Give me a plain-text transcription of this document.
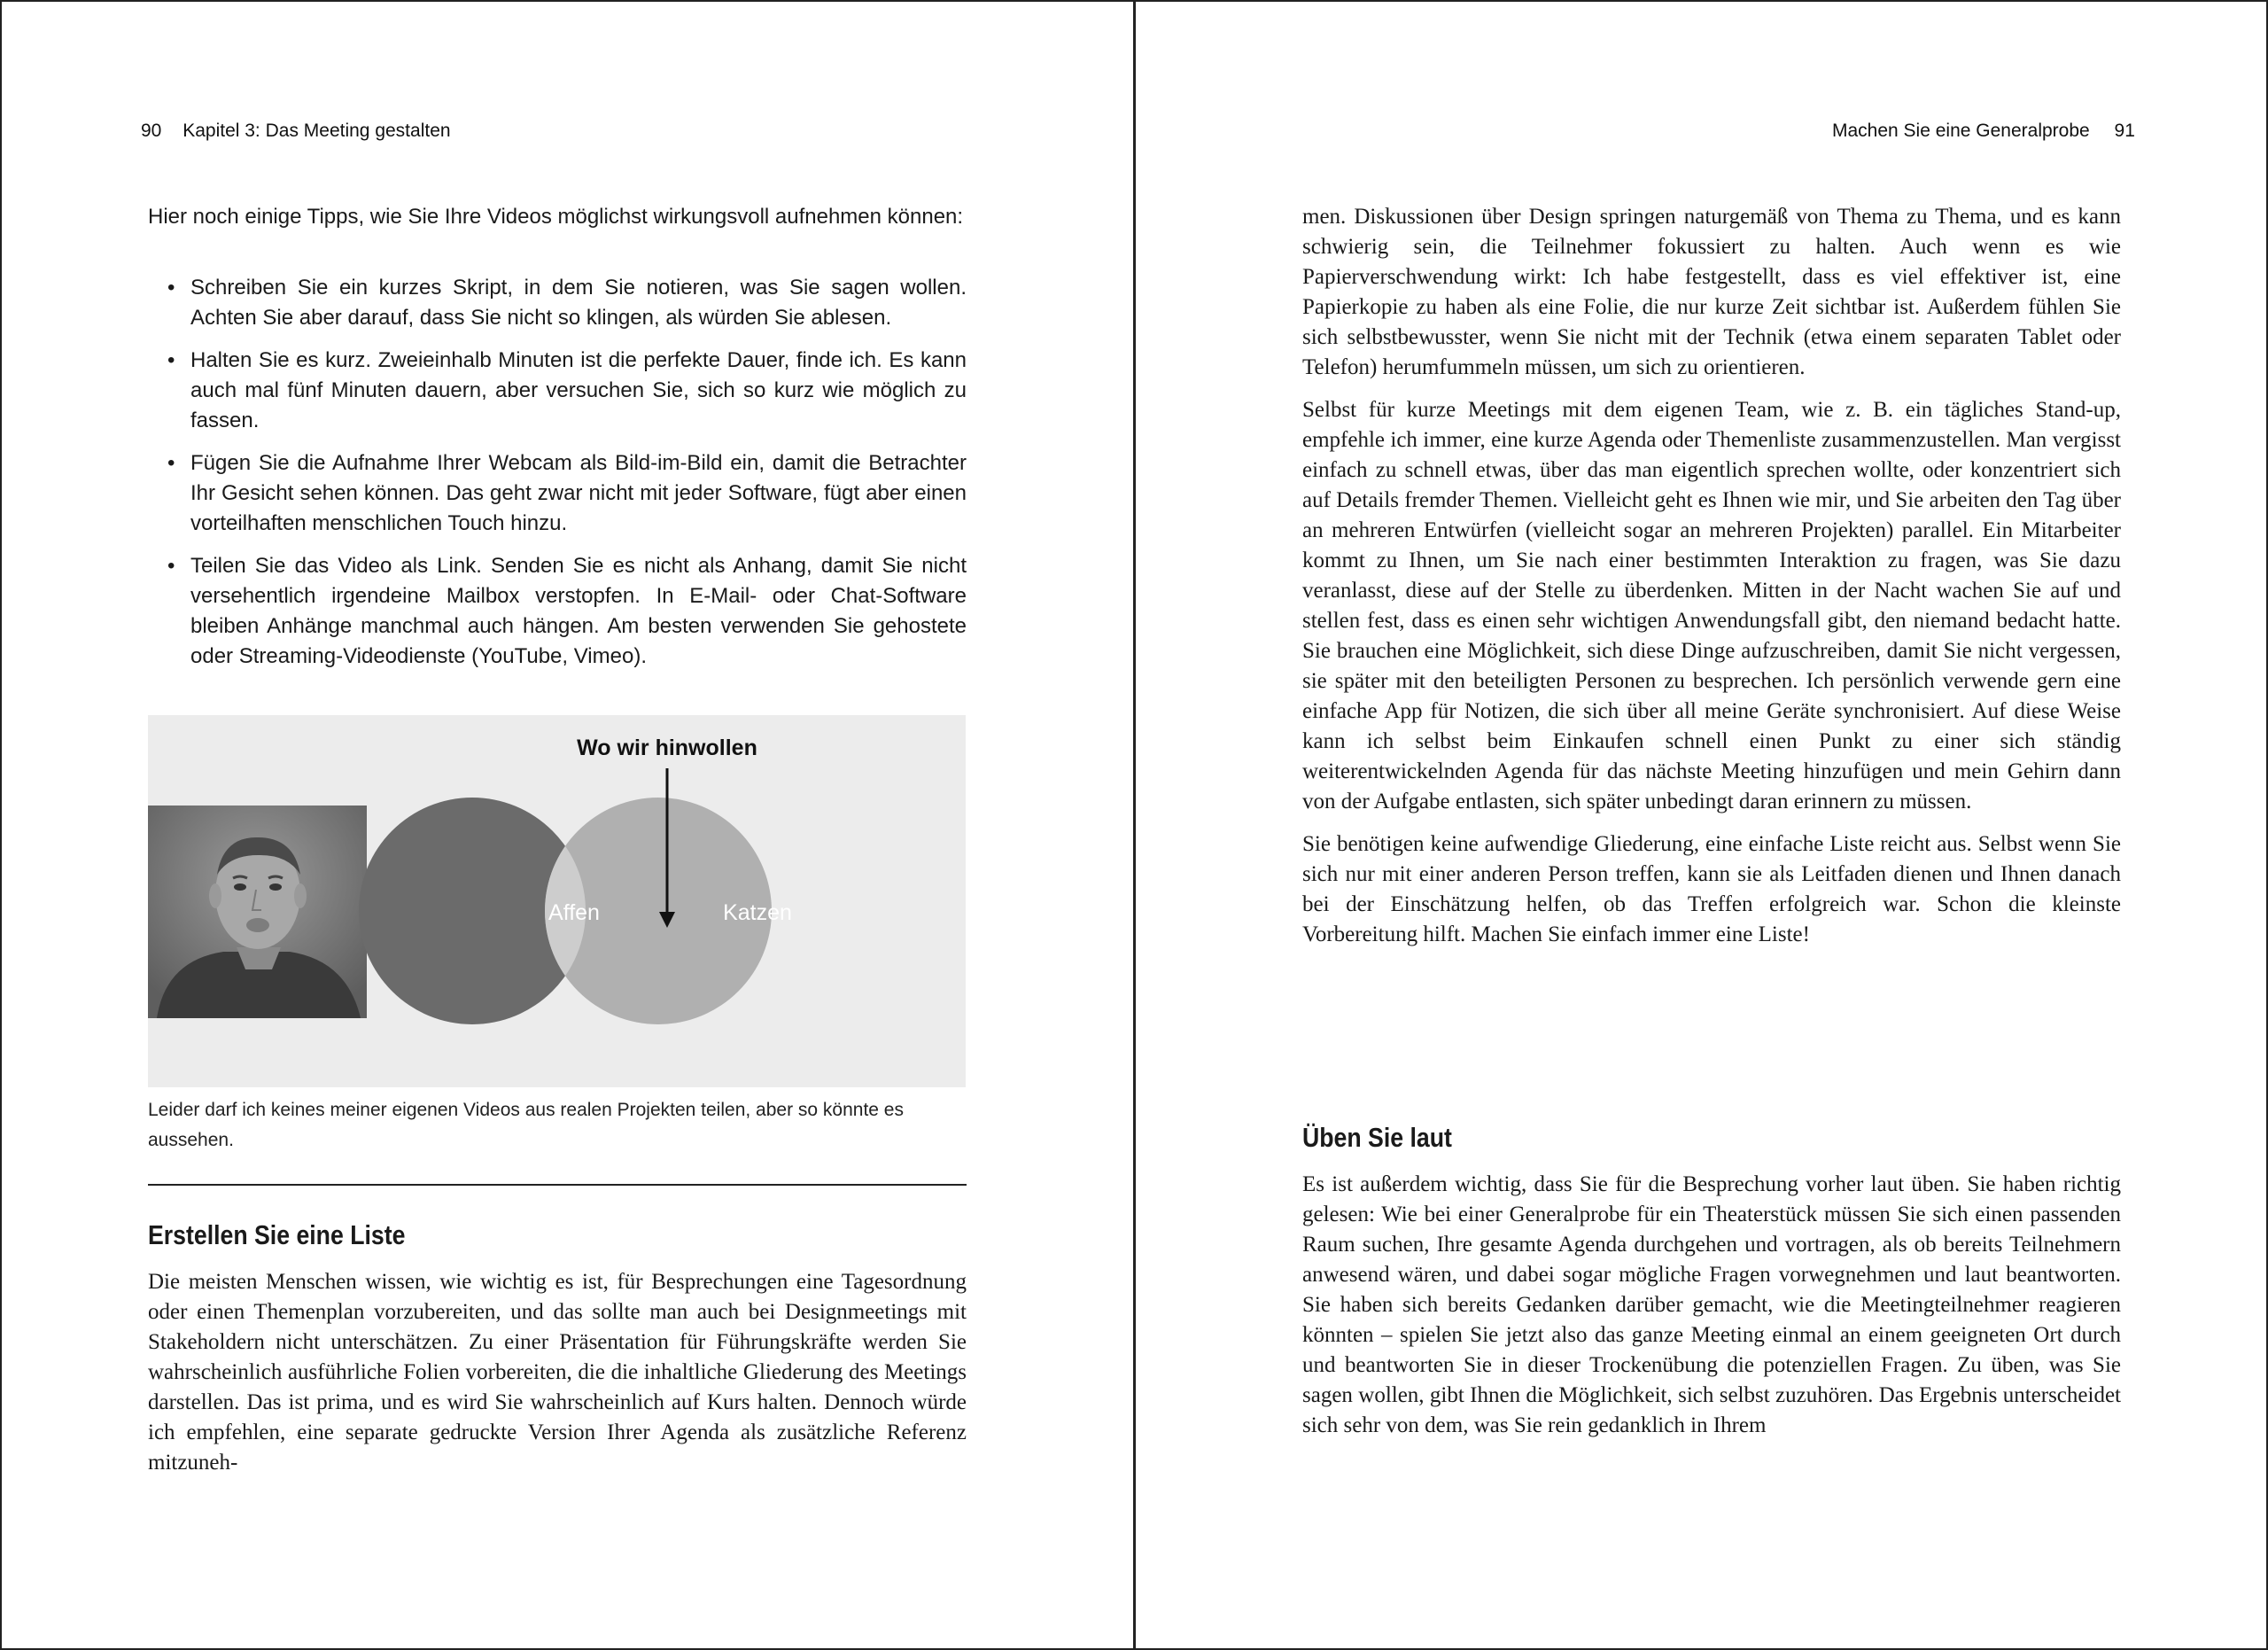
90 Kapitel 3: Das Meeting gestalten

Hier noch einige Tipps, wie Sie Ihre Videos möglichst wirkungsvoll aufnehmen können:

• Schreiben Sie ein kurzes Skript, in dem Sie notieren, was Sie sagen wollen. Achten Sie aber darauf, dass Sie nicht so klingen, als würden Sie ablesen.
• Halten Sie es kurz. Zweieinhalb Minuten ist die perfekte Dauer, finde ich. Es kann auch mal fünf Minuten dauern, aber versuchen Sie, sich so kurz wie möglich zu fassen.
• Fügen Sie die Aufnahme Ihrer Webcam als Bild-im-Bild ein, damit die Betrachter Ihr Gesicht sehen können. Das geht zwar nicht mit jeder Software, fügt aber einen vorteilhaften menschlichen Touch hinzu.
• Teilen Sie das Video als Link. Senden Sie es nicht als Anhang, damit Sie nicht versehentlich irgendeine Mailbox verstopfen. In E-Mail- oder Chat-Software bleiben Anhänge manchmal auch hängen. Am besten verwenden Sie gehostete oder Streaming-Videodienste (YouTube, Vimeo).
Wo wir hinwollen
Affen	Katzen
Leider darf ich keines meiner eigenen Videos aus realen Projekten teilen, aber so könnte es aussehen.
Erstellen Sie eine Liste

Die meisten Menschen wissen, wie wichtig es ist, für Besprechungen eine Tagesordnung oder einen Themenplan vorzubereiten, und das sollte man auch bei Designmeetings mit Stakeholdern nicht unterschätzen. Zu einer Präsentation für Führungskräfte werden Sie wahrscheinlich ausführliche Folien vorbereiten, die die inhaltliche Gliederung des Meetings darstellen. Das ist prima, und es wird Sie wahrscheinlich auf Kurs halten. Dennoch würde ich empfehlen, eine separate gedruckte Version Ihrer Agenda als zusätzliche Referenz mitzuneh-

Machen Sie eine Generalprobe 91

men. Diskussionen über Design springen naturgemäß von Thema zu Thema, und es kann schwierig sein, die Teilnehmer fokussiert zu halten. Auch wenn es wie Papierverschwendung wirkt: Ich habe festgestellt, dass es viel effektiver ist, eine Papierkopie zu haben als eine Folie, die nur kurze Zeit sichtbar ist. Außerdem fühlen Sie sich selbstbewusster, wenn Sie nicht mit der Technik (etwa einem separaten Tablet oder Telefon) herumfummeln müssen, um sich zu orientieren.

Selbst für kurze Meetings mit dem eigenen Team, wie z. B. ein tägliches Stand-up, empfehle ich immer, eine kurze Agenda oder Themenliste zusammenzustellen. Man vergisst einfach zu schnell etwas, über das man eigentlich sprechen wollte, oder konzentriert sich auf Details fremder Themen. Vielleicht geht es Ihnen wie mir, und Sie arbeiten den Tag über an mehreren Entwürfen (vielleicht sogar an mehreren Projekten) parallel. Ein Mitarbeiter kommt zu Ihnen, um Sie nach einer bestimmten Interaktion zu fragen, was Sie dazu veranlasst, diese auf der Stelle zu überdenken. Mitten in der Nacht wachen Sie auf und stellen fest, dass es einen sehr wichtigen Anwendungsfall gibt, den niemand bedacht hatte. Sie brauchen eine Möglichkeit, sich diese Dinge aufzuschreiben, damit Sie nicht vergessen, sie später mit den beteiligten Personen zu besprechen. Ich persönlich verwende gern eine einfache App für Notizen, die sich über all meine Geräte synchronisiert. Auf diese Weise kann ich selbst beim Einkaufen schnell einen Punkt zu einer sich ständig weiterentwickelnden Agenda für das nächste Meeting hinzufügen und mein Gehirn dann von der Aufgabe entlasten, sich später unbedingt daran erinnern zu müssen.

Sie benötigen keine aufwendige Gliederung, eine einfache Liste reicht aus. Selbst wenn Sie sich nur mit einer anderen Person treffen, kann sie als Leitfaden dienen und Ihnen danach bei der Einschätzung helfen, ob das Treffen erfolgreich war. Schon die kleinste Vorbereitung hilft. Machen Sie einfach immer eine Liste!

Üben Sie laut

Es ist außerdem wichtig, dass Sie für die Besprechung vorher laut üben. Sie haben richtig gelesen: Wie bei einer Generalprobe für ein Theaterstück müssen Sie sich einen passenden Raum suchen, Ihre gesamte Agenda durchgehen und vortragen, als ob bereits Teilnehmern anwesend wären, und dabei sogar mögliche Fragen vorwegnehmen und laut beantworten. Sie haben sich bereits Gedanken darüber gemacht, wie die Meetingteilnehmer reagieren könnten – spielen Sie jetzt also das ganze Meeting einmal an einem geeigneten Ort durch und beantworten Sie in dieser Trockenübung die potenziellen Fragen. Zu üben, was Sie sagen wollen, gibt Ihnen die Möglichkeit, sich selbst zuzuhören. Das Ergebnis unterscheidet sich sehr von dem, was Sie rein gedanklich in Ihrem
